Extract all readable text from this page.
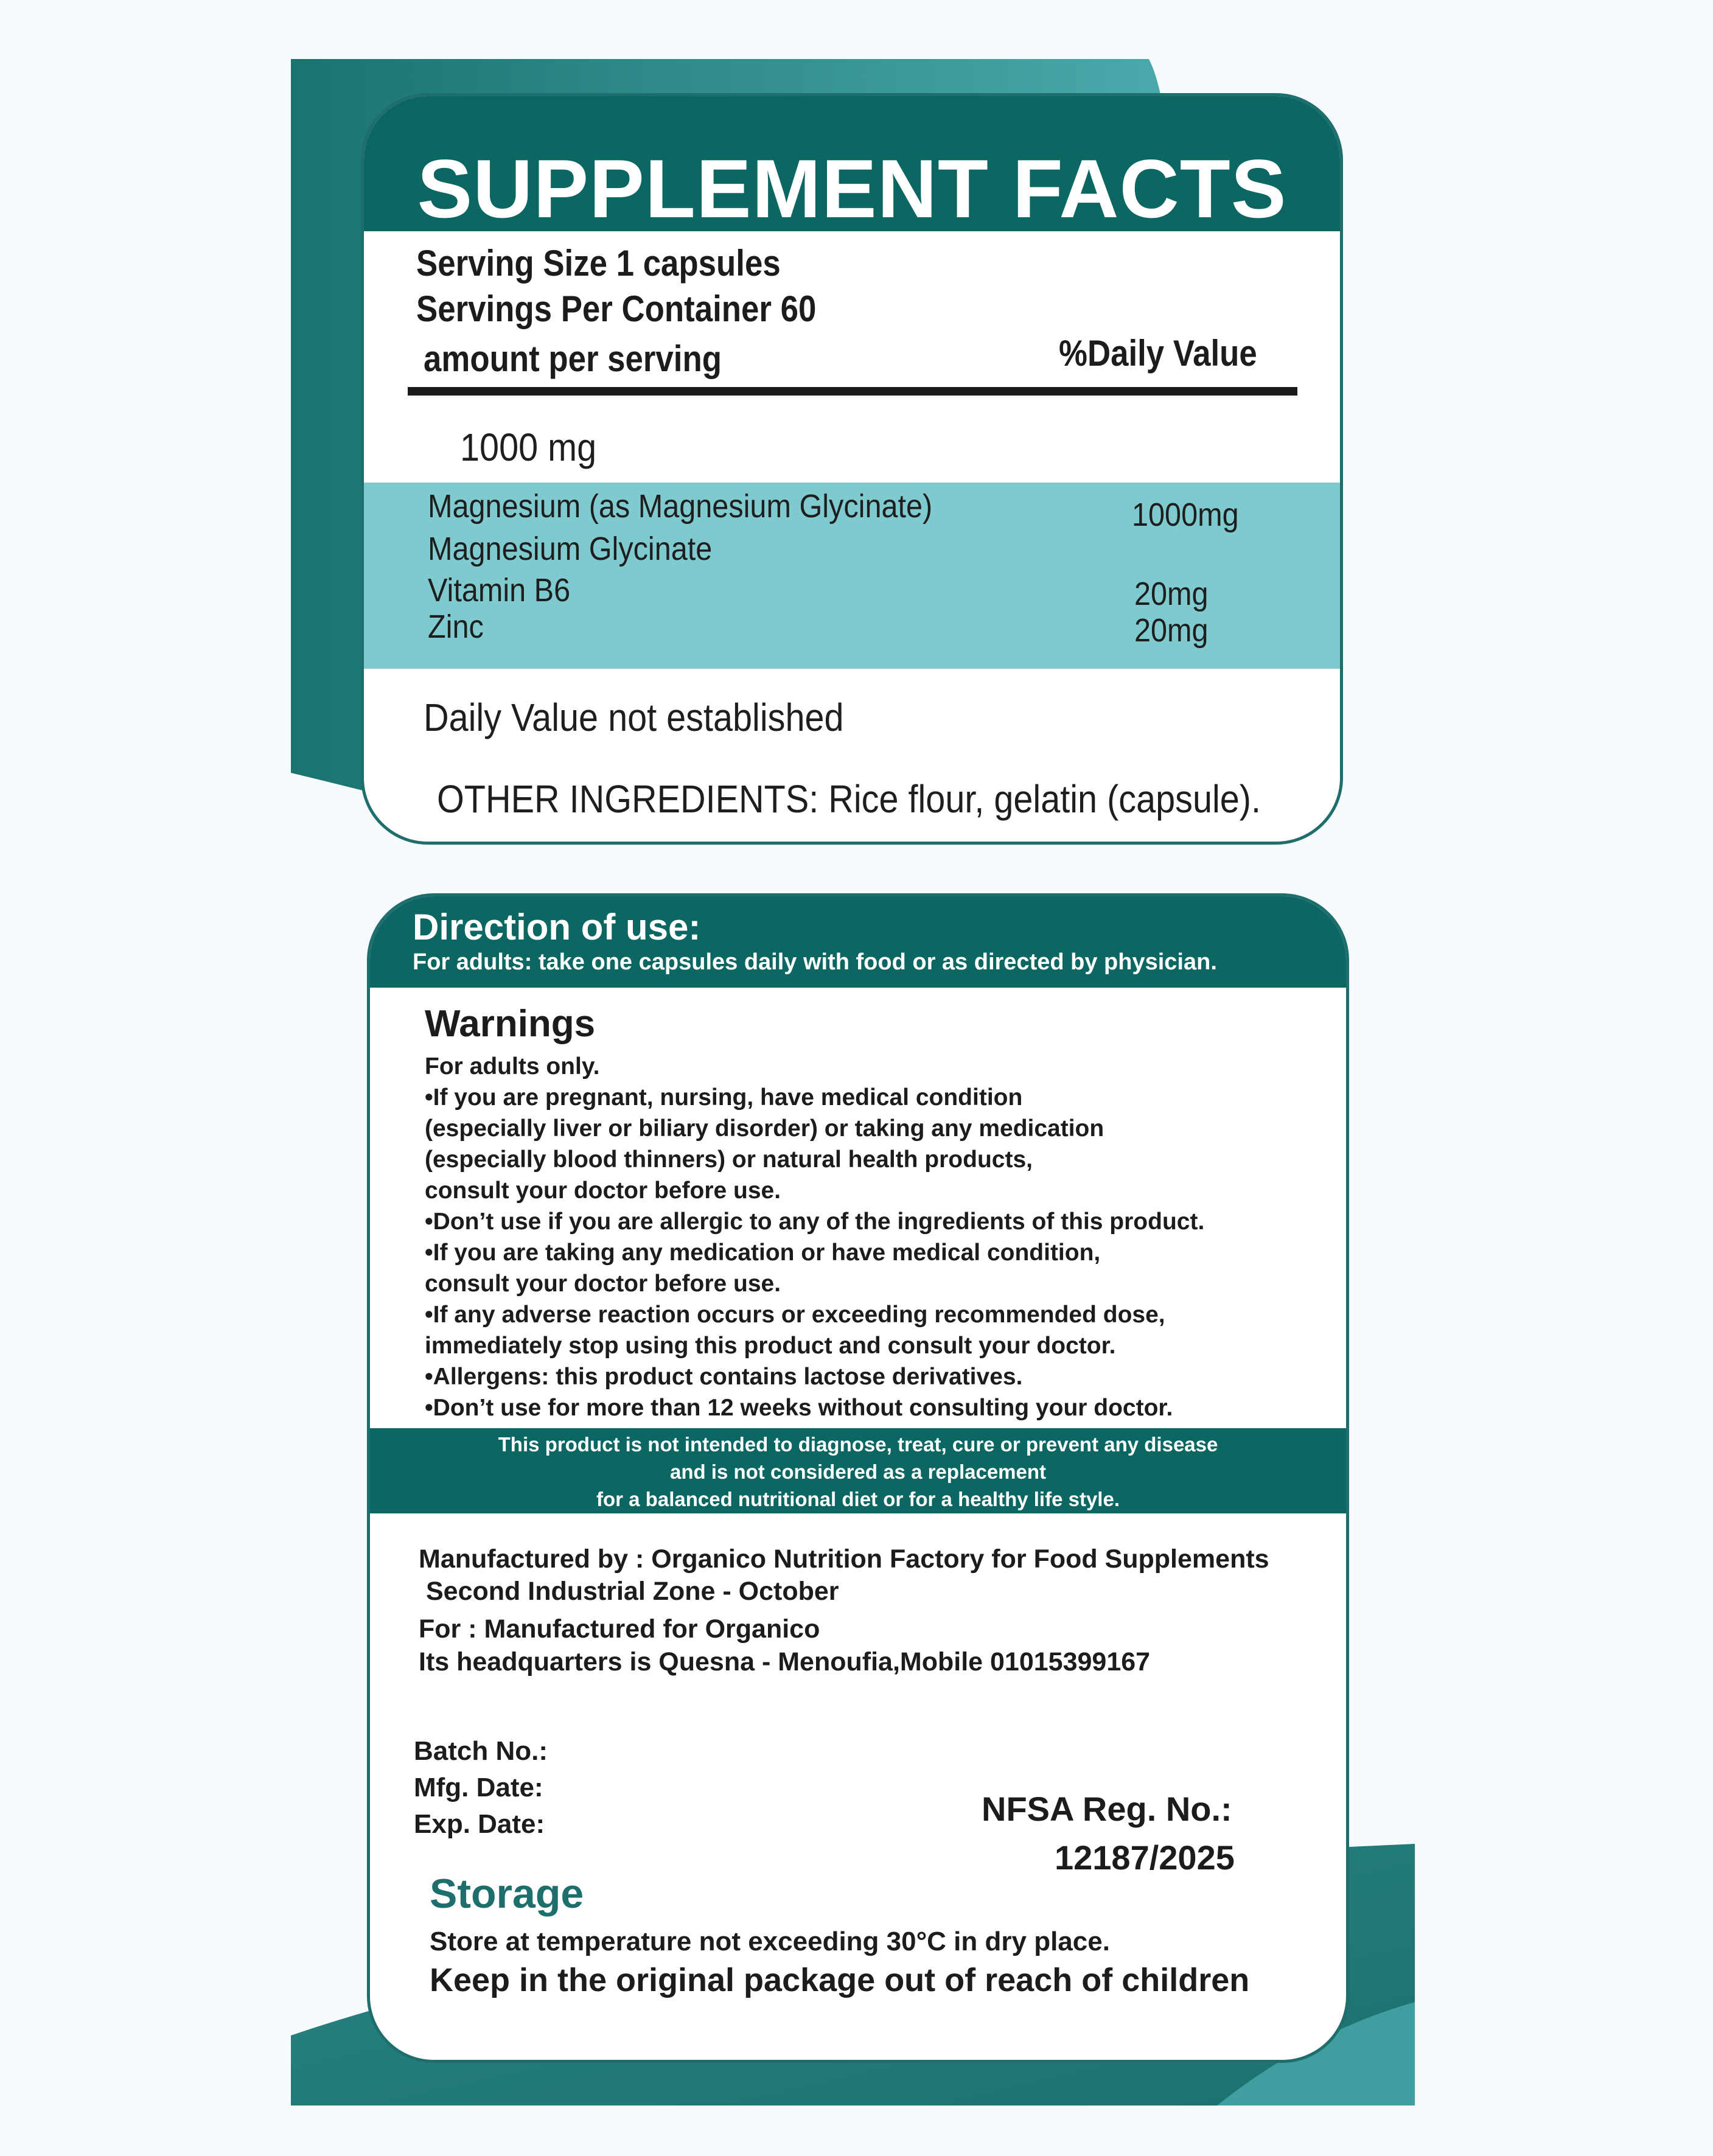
SUPPLEMENT FACTS
Serving Size 1 capsules
Servings Per Container 60
amount per serving	%Daily Value
1000 mg
Magnesium (as Magnesium Glycinate)	1000mg
Magnesium Glycinate
Vitamin B6	20mg
Zinc	20mg
Daily Value not established
OTHER INGREDIENTS: Rice flour, gelatin (capsule).
Direction of use:
For adults: take one capsules daily with food or as directed by physician.
Warnings
For adults only.
•If you are pregnant, nursing, have medical condition
(especially liver or biliary disorder) or taking any medication
(especially blood thinners) or natural health products,
consult your doctor before use.
•Don’t use if you are allergic to any of the ingredients of this product.
•If you are taking any medication or have medical condition,
consult your doctor before use.
•If any adverse reaction occurs or exceeding recommended dose,
immediately stop using this product and consult your doctor.
•Allergens: this product contains lactose derivatives.
•Don’t use for more than 12 weeks without consulting your doctor.
This product is not intended to diagnose, treat, cure or prevent any disease
and is not considered as a replacement
for a balanced nutritional diet or for a healthy life style.
Manufactured by : Organico Nutrition Factory for Food Supplements
Second Industrial Zone - October
For : Manufactured for Organico
Its headquarters is Quesna - Menoufia,Mobile 01015399167
Batch No.:
Mfg. Date:
Exp. Date:	NFSA Reg. No.:
12187/2025
Storage
Store at temperature not exceeding 30°C in dry place.
Keep in the original package out of reach of children
